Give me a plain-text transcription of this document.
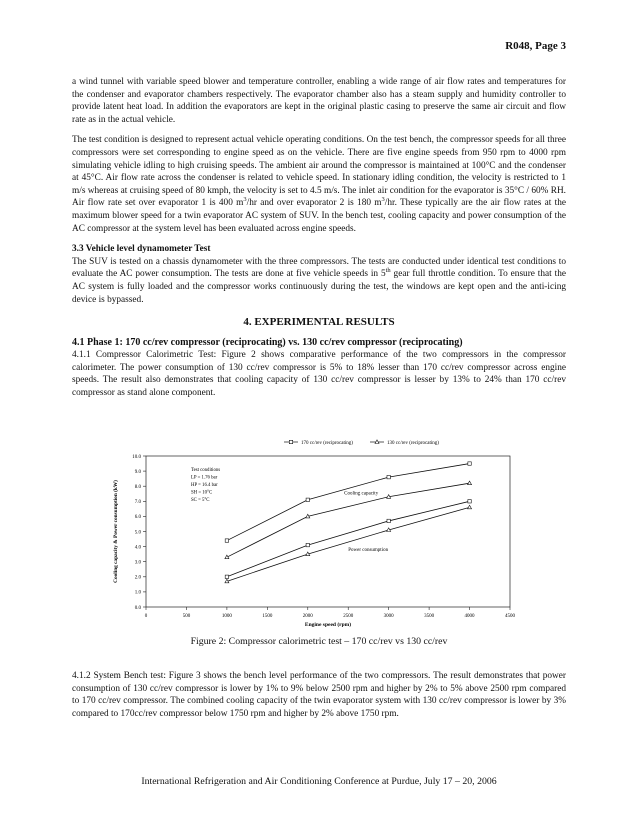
R048, Page 3

a wind tunnel with variable speed blower and temperature controller, enabling a wide range of air flow rates and temperatures for the condenser and evaporator chambers respectively. The evaporator chamber also has a steam supply and humidity controller to provide latent heat load. In addition the evaporators are kept in the original plastic casing to preserve the same air circuit and flow rate as in the actual vehicle.

The test condition is designed to represent actual vehicle operating conditions. On the test bench, the compressor speeds for all three compressors were set corresponding to engine speed as on the vehicle. There are five engine speeds from 950 rpm to 4000 rpm simulating vehicle idling to high cruising speeds. The ambient air around the compressor is maintained at 100°C and the condenser at 45°C. Air flow rate across the condenser is related to vehicle speed. In stationary idling condition, the velocity is restricted to 1 m/s whereas at cruising speed of 80 kmph, the velocity is set to 4.5 m/s. The inlet air condition for the evaporator is 35°C / 60% RH. Air flow rate set over evaporator 1 is 400 $m^3/hr$ and over evaporator 2 is 180 $m^3/hr$. These typically are the air flow rates at the maximum blower speed for a twin evaporator AC system of SUV. In the bench test, cooling capacity and power consumption of the AC compressor at the system level has been evaluated across engine speeds.

3.3 Vehicle level dynamometer Test

The SUV is tested on a chassis dynamometer with the three compressors. The tests are conducted under identical test conditions to evaluate the AC power consumption. The tests are done at five vehicle speeds in 5th gear full throttle condition. To ensure that the AC system is fully loaded and the compressor works continuously during the test, the windows are kept open and the anti-icing device is bypassed.

4. EXPERIMENTAL RESULTS
4.1 Phase 1: 170 cc/rev compressor (reciprocating) vs. 130 cc/rev compressor (reciprocating)

4.1.1 Compressor Calorimetric Test: Figure 2 shows comparative performance of the two compressors in the compressor calorimeter. The power consumption of 130 cc/rev compressor is 5% to 18% lesser than 170 cc/rev compressor across engine speeds. The result also demonstrates that cooling capacity of 130 cc/rev compressor is lesser by 13% to 24% than 170 cc/rev compressor as stand alone component.

0.0
1.0
2.0
3.0
4.0
5.0
6.0
7.0
8.0
9.0
10.0
0	500	1000	1500	2000	2500	3000	3500	4000	4500
Engine speed (rpm)
Cooling capacity & Power consumption (kW)
170 cc/rev (reciprocating)	130 cc/rev (reciprocating)
Test conditions
LP = 1.76 bar
HP = 16.4 bar
SH = 10°C
SC = 5°C
Cooling capacity
Power consumption
Figure 2: Compressor calorimetric test – 170 cc/rev vs 130 cc/rev

4.1.2 System Bench test: Figure 3 shows the bench level performance of the two compressors. The result demonstrates that power consumption of 130 cc/rev compressor is lower by 1% to 9% below 2500 rpm and higher by 2% to 5% above 2500 rpm compared to 170 cc/rev compressor. The combined cooling capacity of the twin evaporator system with 130 cc/rev compressor is lower by 3% compared to 170cc/rev compressor below 1750 rpm and higher by 2% above 1750 rpm.

International Refrigeration and Air Conditioning Conference at Purdue, July 17 – 20, 2006
